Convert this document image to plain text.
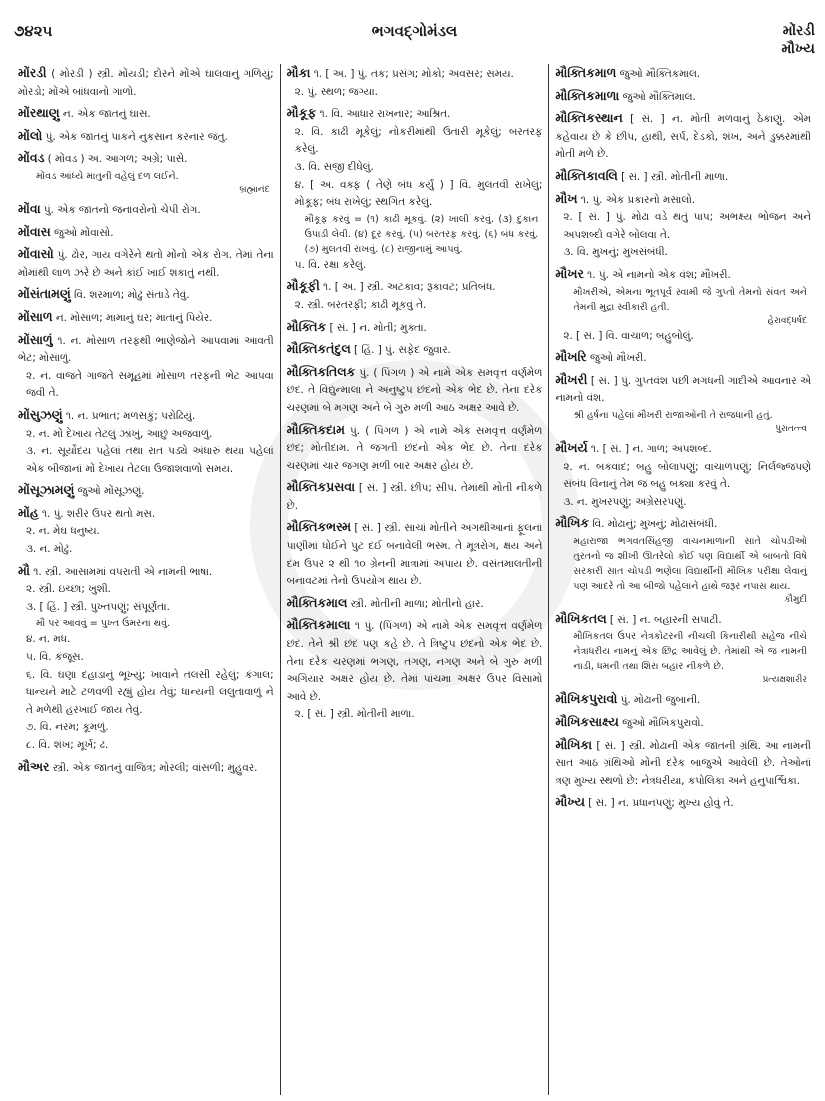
૭૪૨૫	ભગવદ્ગોમંડલ	મોંરડી
મૌખ્ય
મોંરડી ( મોરડી ) સ્ત્રી. મોંયડી; દોરને મોંએ ઘાલવાનું ગળિયું; મોરડો; મોંએ બાંધવાનો ગાળો.
મોંરથાણુ ન. એક જાતનું ઘાસ.
મોંલો પું. એક જાતનું પાકને નુકસાન કરનાર જંતુ.
મોંવડ ( મોંવડ ) અ. આગળ; અગ્રે; પાસે.
મોંવડ આંધ્યે માતુની વહેલું દળ લઈને.
બ્રહ્માનંદ
મોંવા પું. એક જાતનો જનાવરોનો ચેપી રોગ.
મોંવાસ જુઓ મોંવાસો.
મોંવાસો પું. ઢોર, ગાય વગેરેને થતો મોંનો એક રોગ. તેમાં તેના મોંમાંથી લાળ ઝરે છે અને કાંઈ ખાઈ શકાતું નથી.
મોંસંતામણું વિ. શરમાળ; મોઢું સંતાડે તેવું.
મોંસાળ ન. મોસાળ; મામાનું ઘર; માતાનું પિયેર.
મોંસાળું ૧. ન. મોસાળ તરફથી ભાણેજોને આપવામાં આવતી ભેટ; મોસાળું.
૨. ન. વાજતે ગાજતે સમૂહમાં મોસાળ તરફની ભેટ આપવા જવી તે.
મોંસુઝણું ૧. ન. પ્રભાત; મળસકું; પરોઢિયું.
૨. ન. મોં દેખાય તેટલું ઝાંખું, આછું અજવાળું.
૩. ન. સૂર્યોદય પહેલાં તથા રાત પડ્યે અંધારું થયા પહેલાં એક બીજાનાં મોં દેખાય તેટલા ઉજાશવાળો સમય.
મોંસૂઝામણું જુઓ મોંસૂઝણું.
મોંહ ૧. પું. શરીર ઉપર થતો મસ.
૨. ન. મેઘ ધનુષ્ય.
૩. ન. મોઢું.
મૌ ૧. સ્ત્રી. આસામમાં વપરાતી એ નામની ભાષા.
૨. સ્ત્રી. ઇચ્છા; ખુશી.
૩. [ હિં. ] સ્ત્રી. પુખ્તપણું; સંપૂર્ણતા.
મૌ પર આવવું = પુખ્ત ઉંમરના થવું.
૪. ન. મધ.
૫. વિ. કંજૂસ.
૬. વિ. ઘણા દહાડાનું ભૂખ્યું; ખાવાને તલસી રહેલું; કંગાલ; ધાન્યને માટે ટળવળી રહ્યું હોય તેવું; ધાન્યની લલુતાવાળું ને તે મળેથી હરખાઈ જાય તેવું.
૭. વિ. નરમ; કૂમળું.
૮. વિ. શંખ; મૂર્ખ; ઢ.
મૌઅર સ્ત્રી. એક જાતનું વાજિત્ર; મોરલી; વાંસળી; મુહુવર.
મૌકા ૧. [ અ. ] પું. તક; પ્રસંગ; મોકો; અવસર; સમય.
૨. પું. સ્થળ; જગ્યા.
મૌકૂફ ૧. વિ. આધાર રાખનાર; આશ્રિત.
૨. વિ. કાઢી મૂકેલું; નોકરીમાંથી ઉતારી મૂકેલું; બરતરફ કરેલું.
૩. વિ. સજી દીધેલું.
૪. [ અ. વક્ફ ( તેણે બંધ કર્યું ) ] વિ. મુલતવી રાખેલું; મોકૂફ; બંધ રાખેલું; સ્થગિત કરેલું.
મૌકૂફ કરવું = (૧) કાઢી મૂકવું. (૨) ખાલી કરવું. (૩) દુકાન ઉપાડી લેવી. (૪) દૂર કરવું. (૫) બરતરફ કરવું. (૬) બંધ કરવું. (૭) મુલતવી રાખવું. (૮) રાજીનામું આપવું.
૫. વિ. રક્ષા કરેલું.
મૌકૂફી ૧. [ અ. ] સ્ત્રી. અટકાવ; રૂકાવટ; પ્રતિબંધ.
૨. સ્ત્રી. બરતરફી; કાઢી મૂકવું તે.
મૌક્તિક [ સં. ] ન. મોતી; મુક્તા.
મૌક્તિકતંદુલ [ હિં. ] પું. સફેદ જુવાર.
મૌક્તિકતિલક પું. ( પિંગળ ) એ નામે એક સમવૃત્ત વર્ણમેળ છંદ. તે વિદ્યુન્માલા ને અનુષ્ટુપ છંદનો એક ભેદ છે. તેના દરેક ચરણમાં બે મગણ અને બે ગુરુ મળી આઠ અક્ષર આવે છે.
મૌક્તિકદામ પું. ( પિંગળ ) એ નામે એક સમવૃત્ત વર્ણમેળ છંદ; મોતીદામ. તે જગતી છંદનો એક ભેદ છે. તેના દરેક ચરણમાં ચાર જગણ મળી બાર અક્ષર હોય છે.
મૌક્તિકપ્રસવા [ સં. ] સ્ત્રી. છીપ; સીપ. તેમાંથી મોતી નીકળે છે.
મૌક્તિકભસ્મ [ સં. ] સ્ત્રી. સાચાં મોતીને અગથીઆનાં ફૂલનાં પાણીમાં ધોઈને પુટ દઈ બનાવેલી ભસ્મ. તે મૂત્રરોગ, ક્ષય અને દમ ઉપર ૨ થી ૧૦ ગ્રેનની માત્રામાં અપાય છે. વસંતમાલતીની બનાવટમાં તેનો ઉપયોગ થાય છે.
મૌક્તિકમાલ સ્ત્રી. મોતીની માળા; મોતીનો હાર.
મૌક્તિકમાલા ૧ પું. (પિંગળ) એ નામે એક સમવૃત્ત વર્ણમેળ છંદ. તેને શ્રી છંદ પણ કહે છે. તે ત્રિષ્ટુપ છંદનો એક ભેદ છે. તેના દરેક ચરણમાં ભગણ, તગણ, નગણ અને બે ગુરુ મળી અગિયાર અક્ષર હોય છે. તેમાં પાંચમા અક્ષર ઉપર વિસામો આવે છે.
૨. [ સં. ] સ્ત્રી. મોતીની માળા.
મૌક્તિકમાળ જુઓ મૌક્તિકમાલ.
મૌક્તિકમાળા જુઓ મૌક્તિમાલ.
મૌક્તિકસ્થાન [ સં. ] ન. મોતી મળવાનું ઠેકાણું. એમ કહેવાય છે કે છીપ, હાથી, સર્પ, દેડકો, શંખ, અને ડુક્કરમાંથી મોતી મળે છે.
મૌક્તિકાવલિ [ સં. ] સ્ત્રી. મોતીની માળા.
મૌખ ૧. પું. એક પ્રકારનો મસાલો.
૨. [ સં. ] પું. મોઢા વડે થતું પાપ; અભક્ષ્ય ભોજન અને અપશબ્દો વગેરે બોલવા તે.
૩. વિ. મુખનું; મુખસંબંધી.
મૌખર ૧. પું. એ નામનો એક વંશ; મૌખરી.
મૌખરીએ, એમના ભૂતપૂર્વ સ્વામી જે ગુપ્તો તેમનો સંવત અને તેમની મુદ્રા સ્વીકારી હતી.
હેરાવદ્ધર્ષદ
૨. [ સં. ] વિ. વાચાળ; બહુબોલું.
મૌખરિ જુઓ મૌખરી.
મૌખરી [ સં. ] પું. ગુપ્તવંશ પછી મગધની ગાદીએ આવનાર એ નામનો વંશ.
શ્રી હર્ષના પહેલાં મૌખરી રાજાઓની તે રાજધાની હતું.
પુરાતત્ત્વ
મૌખર્ય ૧. [ સં. ] ન. ગાળ; અપશબ્દ.
૨. ન. બકવાદ; બહુ બોલાપણું; વાચાળપણું; નિર્લજ્જપણે સંબંધ વિનાનું તેમ જ બહુ બક્યા કરવું તે.
૩. ન. મુખરપણું; અગ્રેસરપણું.
મૌખિક વિ. મોઢાનું; મુખનું; મોઢાસંબંધી.
મહારાજા ભગવતસિંહજી વાચનમાળાની સાતે ચોપડીઓ તુરતનો જ શીખી ઊતરેલો કોઈ પણ વિદ્યાર્થી એ બાબતો વિષે સરકારી સાત ચોપડી ભણેલા વિદ્યાર્થીની મૌખિક પરીક્ષા લેવાનું પણ આદરે તો આ બીજો પહેલાને હાથે જરૂર નપાસ થાય.
કૌમુદી
મૌખિકતલ [ સં. ] ન. બહારની સપાટી.
મૌખિકતલ ઉપર નેત્રકોટરની નીચલી કિનારીથી સહેજ નીચે નેત્રાધરીય નામનું એક છિદ્ર આવેલું છે. તેમાંથી એ જ નામની નાડી, ધમની તથા શિરા બહાર નીકળે છે.
પ્રત્યક્ષશારીર
મૌખિકપુરાવો પું. મોઢાની જુબાની.
મૌખિકસાક્ષ્ય જુઓ મૌખિકપુરાવો.
મૌખિકા [ સં. ] સ્ત્રી. મોઢાની એક જાતની ગ્રંથિ. આ નામની સાત આઠ ગ્રંથિઓ મોંની દરેક બાજુએ આવેલી છે. તેઓનાં ત્રણ મુખ્ય સ્થળો છે: નેત્રધરીયા, કપોલિકા અને હનુપાર્શ્વિકા.
મૌખ્ય [ સં. ] ન. પ્રધાનપણું; મુખ્ય હોવું તે.
